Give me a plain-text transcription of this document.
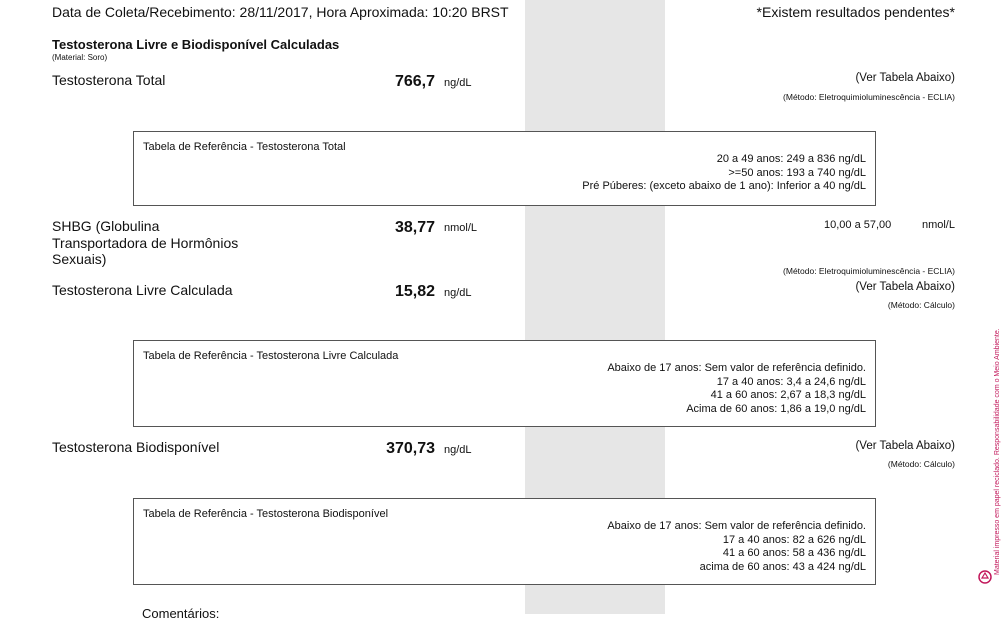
Data de Coleta/Recebimento: 28/11/2017, Hora Aproximada: 10:20 BRST	*Existem resultados pendentes*
Testosterona Livre e Biodisponível Calculadas
(Material: Soro)
Testosterona Total	766,7 ng/dL	(Ver Tabela Abaixo)
(Método: Eletroquimioluminescência - ECLIA)
Tabela de Referência - Testosterona Total
20 a 49 anos: 249 a 836 ng/dL
>=50 anos: 193 a 740 ng/dL
Pré Púberes: (exceto abaixo de 1 ano): Inferior a 40 ng/dL
SHBG (Globulina
Transportadora de Hormônios
Sexuais)
38,77 nmol/L	10,00 a 57,00	nmol/L
(Método: Eletroquimioluminescência - ECLIA)
Testosterona Livre Calculada	15,82 ng/dL	(Ver Tabela Abaixo)
(Método: Cálculo)
Tabela de Referência - Testosterona Livre Calculada
Abaixo de 17 anos: Sem valor de referência definido.
17 a 40 anos: 3,4 a 24,6 ng/dL
41 a 60 anos: 2,67 a 18,3 ng/dL
Acima de 60 anos: 1,86 a 19,0 ng/dL
Testosterona Biodisponível	370,73 ng/dL	(Ver Tabela Abaixo)
(Método: Cálculo)
Tabela de Referência - Testosterona Biodisponível
Abaixo de 17 anos: Sem valor de referência definido.
17 a 40 anos: 82 a 626 ng/dL
41 a 60 anos: 58 a 436 ng/dL
acima de 60 anos: 43 a 424 ng/dL
Comentários:
Material impresso em papel reciclado. Responsabilidade com o Meio Ambiente.
